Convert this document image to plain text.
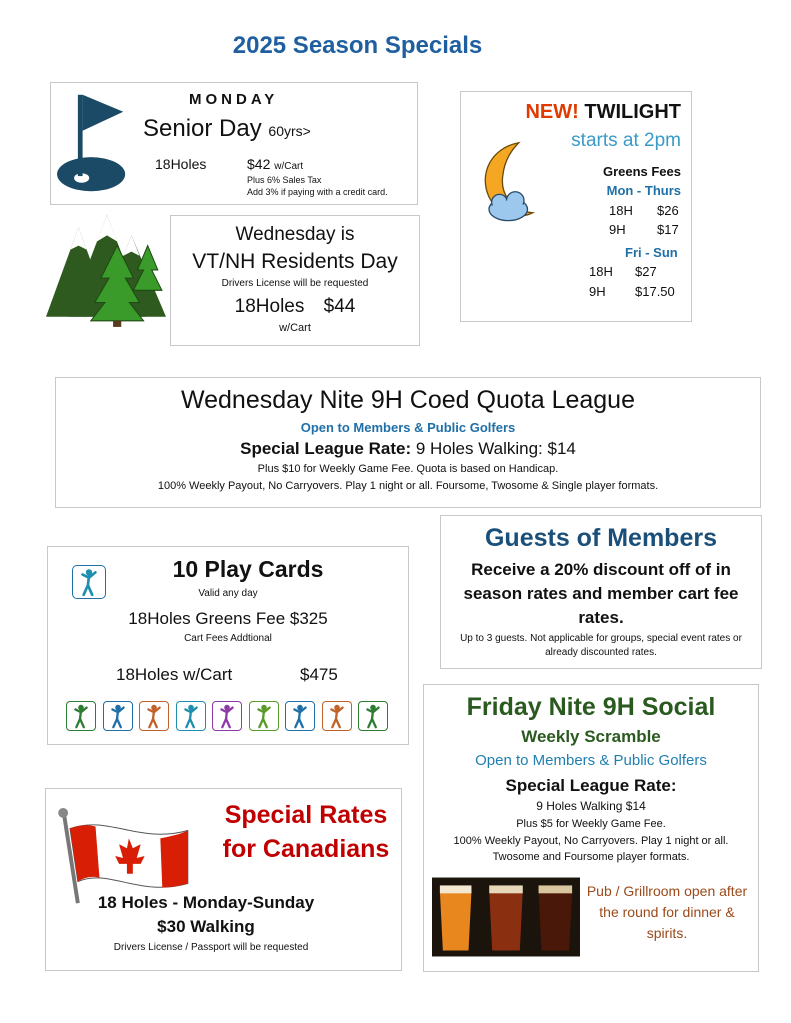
2025 Season Specials
MONDAY
Senior Day 60yrs>
18Holes	$42 w/Cart
Plus 6% Sales Tax
Add 3% if paying with a credit card.
Wednesday is
VT/NH Residents Day
Drivers License will be requested
18Holes $44
w/Cart
NEW! TWILIGHT
starts at 2pm
Greens Fees
Mon - Thurs
18H $26
9H $17
Fri - Sun
18H $27
9H $17.50
Wednesday Nite 9H Coed Quota League
Open to Members & Public Golfers
Special League Rate: 9 Holes Walking: $14
Plus $10 for Weekly Game Fee. Quota is based on Handicap.
100% Weekly Payout, No Carryovers. Play 1 night or all. Foursome, Twosome & Single player formats.
Guests of Members
Receive a 20% discount off of in season rates and member cart fee rates.
Up to 3 guests. Not applicable for groups, special event rates or already discounted rates.
10 Play Cards
Valid any day
18Holes Greens Fee $325
Cart Fees Addtional
18Holes w/Cart	$475
Friday Nite 9H Social
Weekly Scramble
Open to Members & Public Golfers
Special League Rate:
9 Holes Walking $14
Plus $5 for Weekly Game Fee.
100% Weekly Payout, No Carryovers. Play 1 night or all.
Twosome and Foursome player formats.
Pub / Grillroom open after the round for dinner & spirits.
Special Rates
for Canadians
18 Holes - Monday-Sunday
$30 Walking
Drivers License / Passport will be requested
